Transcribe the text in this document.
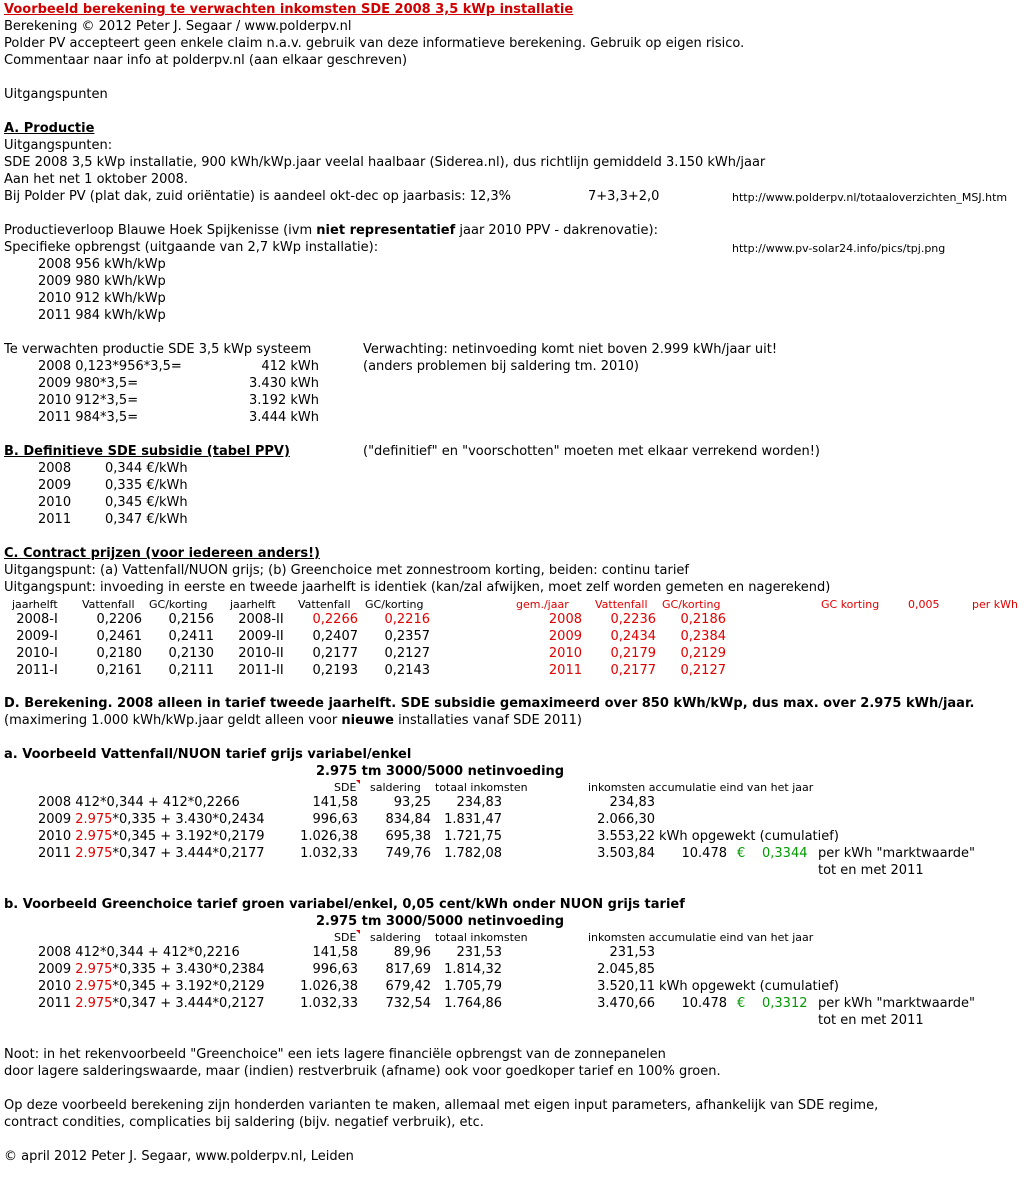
Voorbeeld berekening te verwachten inkomsten SDE 2008 3,5 kWp installatie
Berekening © 2012 Peter J. Segaar / www.polderpv.nl
Polder PV accepteert geen enkele claim n.a.v. gebruik van deze informatieve berekening. Gebruik op eigen risico.
Commentaar naar info at polderpv.nl (aan elkaar geschreven)
Uitgangspunten
A. Productie
Uitgangspunten:
SDE 2008 3,5 kWp installatie, 900 kWh/kWp.jaar veelal haalbaar (Siderea.nl), dus richtlijn gemiddeld 3.150 kWh/jaar
Aan het net 1 oktober 2008.
Bij Polder PV (plat dak, zuid oriëntatie) is aandeel okt-dec op jaarbasis: 12,3%	7+3,3+2,0	http://www.polderpv.nl/totaaloverzichten_MSJ.htm
Productieverloop Blauwe Hoek Spijkenisse (ivm niet representatief jaar 2010 PPV - dakrenovatie):
Specifieke opbrengst (uitgaande van 2,7 kWp installatie):	http://www.pv-solar24.info/pics/tpj.png
2008 956 kWh/kWp
2009 980 kWh/kWp
2010 912 kWh/kWp
2011 984 kWh/kWp
Te verwachten productie SDE 3,5 kWp systeem	Verwachting: netinvoeding komt niet boven 2.999 kWh/jaar uit!
(anders problemen bij saldering tm. 2010)
2008 0,123*956*3,5=	412 kWh
2009 980*3,5=	3.430 kWh
2010 912*3,5=	3.192 kWh
2011 984*3,5=	3.444 kWh
B. Definitieve SDE subsidie (tabel PPV)	("definitief" en "voorschotten" moeten met elkaar verrekend worden!)
2008	0,344 €/kWh
2009	0,335 €/kWh
2010	0,345 €/kWh
2011	0,347 €/kWh
C. Contract prijzen (voor iedereen anders!)
Uitgangspunt: (a) Vattenfall/NUON grijs; (b) Greenchoice met zonnestroom korting, beiden: continu tarief
Uitgangspunt: invoeding in eerste en tweede jaarhelft is identiek (kan/zal afwijken, moet zelf worden gemeten en nagerekend)
jaarhelft Vattenfall GC/korting jaarhelft Vattenfall GC/korting	gem./jaar Vattenfall GC/korting	GC korting	0,005	per kWh
2008-I	0,2206	0,2156	2008-II	0,2266	0,2216	2008	0,2236	0,2186
2009-I	0,2461	0,2411	2009-II	0,2407	0,2357	2009	0,2434	0,2384
2010-I	0,2180	0,2130	2010-II	0,2177	0,2127	2010	0,2179	0,2129
2011-I	0,2161	0,2111	2011-II	0,2193	0,2143	2011	0,2177	0,2127
D. Berekening. 2008 alleen in tarief tweede jaarhelft. SDE subsidie gemaximeerd over 850 kWh/kWp, dus max. over 2.975 kWh/jaar.
(maximering 1.000 kWh/kWp.jaar geldt alleen voor nieuwe installaties vanaf SDE 2011)
a. Voorbeeld Vattenfall/NUON tarief grijs variabel/enkel
2.975 tm 3000/5000 netinvoeding
SDE saldering totaal inkomsten	inkomsten accumulatie eind van het jaar
2008 412*0,344 + 412*0,2266	141,58	93,25	234,83	234,83
2009 2.975*0,335 + 3.430*0,2434	996,63	834,84	1.831,47	2.066,30
2010 2.975*0,345 + 3.192*0,2179	1.026,38	695,38	1.721,75	3.553,22 kWh opgewekt (cumulatief)
2011 2.975*0,347 + 3.444*0,2177	1.032,33	749,76	1.782,08	3.503,84	10.478 € 0,3344 per kWh "marktwaarde"
tot en met 2011
b. Voorbeeld Greenchoice tarief groen variabel/enkel, 0,05 cent/kWh onder NUON grijs tarief
2.975 tm 3000/5000 netinvoeding
SDE saldering totaal inkomsten	inkomsten accumulatie eind van het jaar
2008 412*0,344 + 412*0,2216	141,58	89,96	231,53	231,53
2009 2.975*0,335 + 3.430*0,2384	996,63	817,69	1.814,32	2.045,85
2010 2.975*0,345 + 3.192*0,2129	1.026,38	679,42	1.705,79	3.520,11 kWh opgewekt (cumulatief)
2011 2.975*0,347 + 3.444*0,2127	1.032,33	732,54	1.764,86	3.470,66	10.478 € 0,3312 per kWh "marktwaarde"
tot en met 2011
Noot: in het rekenvoorbeeld "Greenchoice" een iets lagere financiële opbrengst van de zonnepanelen
door lagere salderingswaarde, maar (indien) restverbruik (afname) ook voor goedkoper tarief en 100% groen.
Op deze voorbeeld berekening zijn honderden varianten te maken, allemaal met eigen input parameters, afhankelijk van SDE regime,
contract condities, complicaties bij saldering (bijv. negatief verbruik), etc.
© april 2012 Peter J. Segaar, www.polderpv.nl, Leiden
